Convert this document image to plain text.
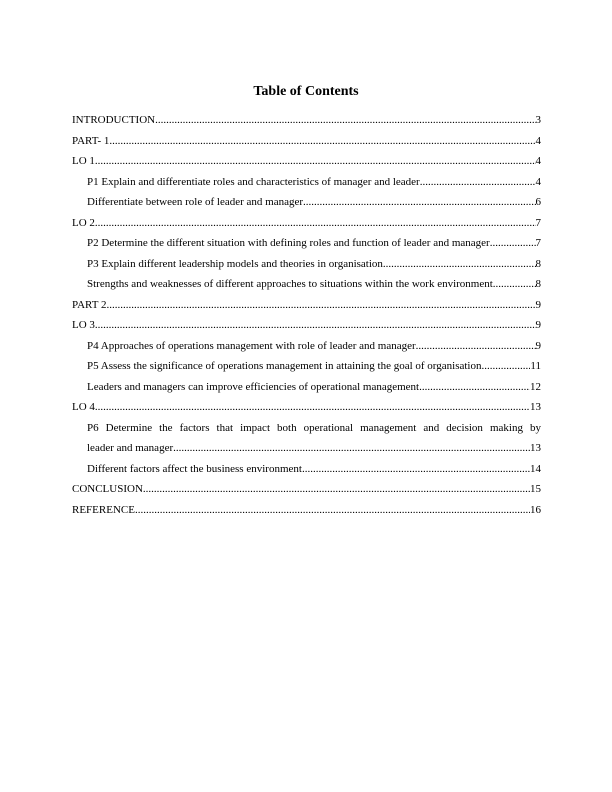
Table of Contents
INTRODUCTION .....	3
PART- 1 .....	4
LO 1 .....	4
P1 Explain and differentiate roles and characteristics of manager and leader .....	4
Differentiate between role of leader and manager .....	6
LO 2 .....	7
P2 Determine the different situation with defining roles and function of leader and manager .....	7
P3 Explain different leadership models and theories in organisation .....	8
Strengths and weaknesses of different approaches to situations within the work environment .....	8
PART 2 .....	9
LO 3 .....	9
P4 Approaches of operations management with role of leader and manager .....	9
P5 Assess the significance of operations management in attaining the goal of organisation .....	11
Leaders and managers can improve efficiencies of operational management .....	12
LO 4 .....	13
P6 Determine the factors that impact both operational management and decision making by
leader and manager .....	13
Different factors affect the business environment .....	14
CONCLUSION .....	15
REFERENCE .....	16
